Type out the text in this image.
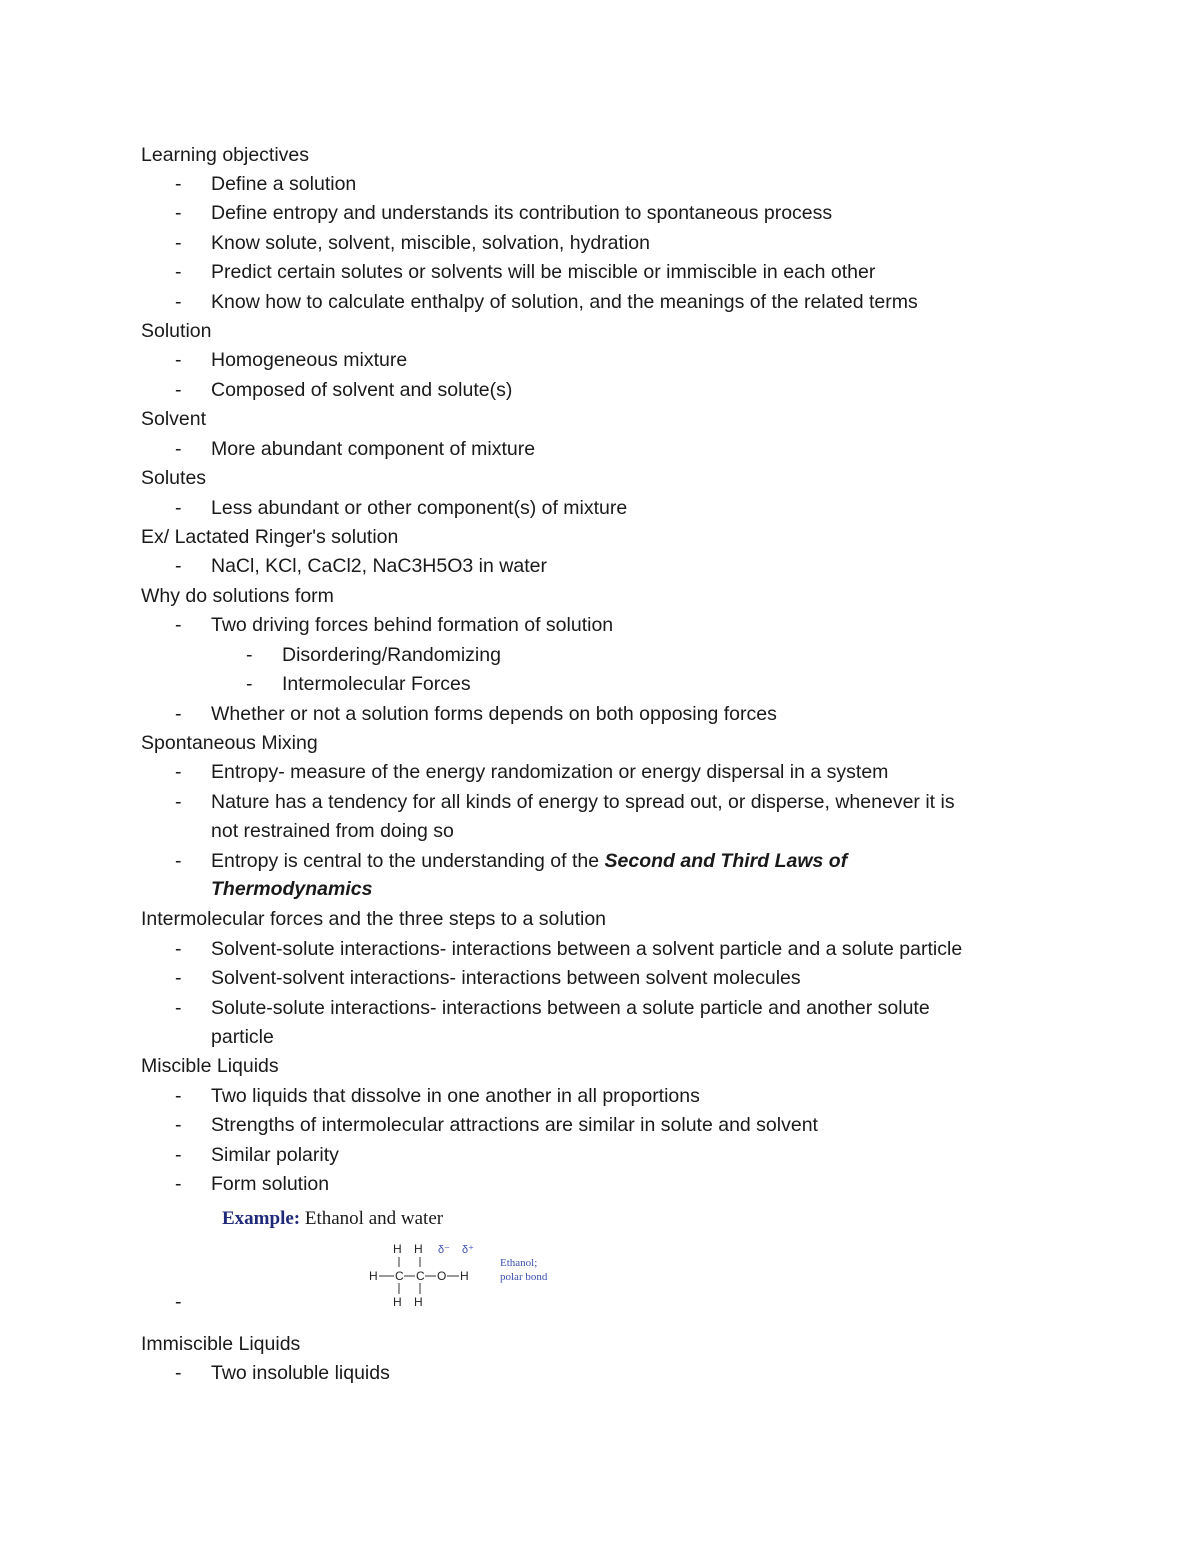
Learning objectives
- Define a solution
- Define entropy and understands its contribution to spontaneous process
- Know solute, solvent, miscible, solvation, hydration
- Predict certain solutes or solvents will be miscible or immiscible in each other
- Know how to calculate enthalpy of solution, and the meanings of the related terms
Solution
- Homogeneous mixture
- Composed of solvent and solute(s)
Solvent
- More abundant component of mixture
Solutes
- Less abundant or other component(s) of mixture
Ex/ Lactated Ringer's solution
- NaCl, KCl, CaCl2, NaC3H5O3 in water
Why do solutions form
- Two driving forces behind formation of solution
- Disordering/Randomizing
- Intermolecular Forces
- Whether or not a solution forms depends on both opposing forces
Spontaneous Mixing
- Entropy- measure of the energy randomization or energy dispersal in a system
- Nature has a tendency for all kinds of energy to spread out, or disperse, whenever it is
not restrained from doing so
- Entropy is central to the understanding of the Second and Third Laws of
Thermodynamics
Intermolecular forces and the three steps to a solution
- Solvent-solute interactions- interactions between a solvent particle and a solute particle
- Solvent-solvent interactions- interactions between solvent molecules
- Solute-solute interactions- interactions between a solute particle and another solute
particle
Miscible Liquids
- Two liquids that dissolve in one another in all proportions
- Strengths of intermolecular attractions are similar in solute and solvent
- Similar polarity
- Form solution
Example: Ethanol and water
H H
H C C O H
H H
δ⁻ δ⁺
Ethanol;
polar bond
-
Immiscible Liquids
- Two insoluble liquids
